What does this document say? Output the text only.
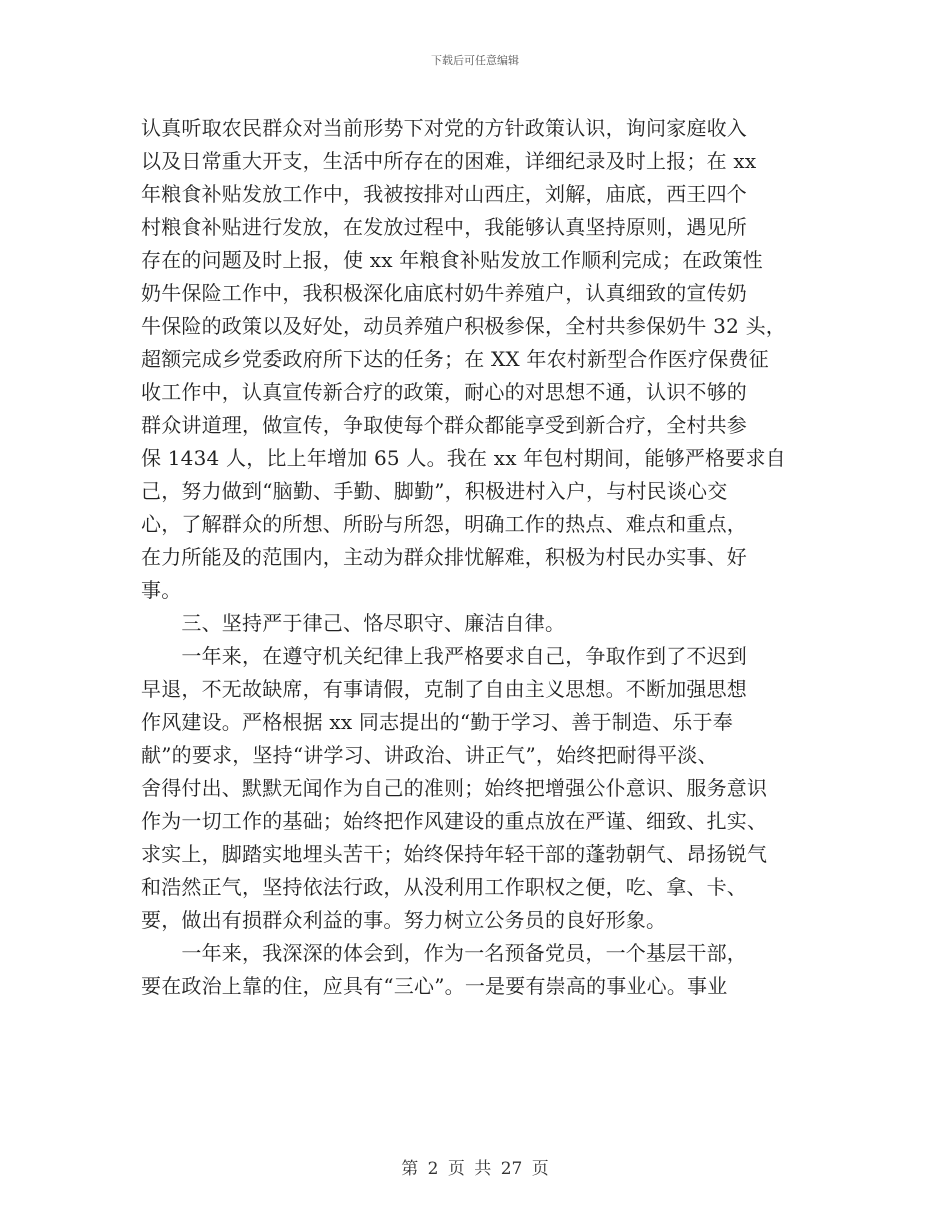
下载后可任意编辑
认真听取农民群众对当前形势下对党的方针政策认识，询问家庭收入
以及日常重大开支，生活中所存在的困难，详细纪录及时上报；在 xx
年粮食补贴发放工作中，我被按排对山西庄，刘解，庙底，西王四个
村粮食补贴进行发放，在发放过程中，我能够认真坚持原则，遇见所
存在的问题及时上报，使 xx 年粮食补贴发放工作顺利完成；在政策性
奶牛保险工作中，我积极深化庙底村奶牛养殖户，认真细致的宣传奶
牛保险的政策以及好处，动员养殖户积极参保，全村共参保奶牛 32 头，
超额完成乡党委政府所下达的任务；在 XX 年农村新型合作医疗保费征
收工作中，认真宣传新合疗的政策，耐心的对思想不通，认识不够的
群众讲道理，做宣传，争取使每个群众都能享受到新合疗，全村共参
保 1434 人，比上年增加 65 人。我在 xx 年包村期间，能够严格要求自
己，努力做到“脑勤、手勤、脚勤”，积极进村入户，与村民谈心交
心，了解群众的所想、所盼与所怨，明确工作的热点、难点和重点，
在力所能及的范围内，主动为群众排忧解难，积极为村民办实事、好
事。
　　三、坚持严于律己、恪尽职守、廉洁自律。
　　一年来，在遵守机关纪律上我严格要求自己，争取作到了不迟到
早退，不无故缺席，有事请假，克制了自由主义思想。不断加强思想
作风建设。严格根据 xx 同志提出的“勤于学习、善于制造、乐于奉
献”的要求，坚持“讲学习、讲政治、讲正气”，始终把耐得平淡、
舍得付出、默默无闻作为自己的准则；始终把增强公仆意识、服务意识
作为一切工作的基础；始终把作风建设的重点放在严谨、细致、扎实、
求实上，脚踏实地埋头苦干；始终保持年轻干部的蓬勃朝气、昂扬锐气
和浩然正气，坚持依法行政，从没利用工作职权之便，吃、拿、卡、
要，做出有损群众利益的事。努力树立公务员的良好形象。
　　一年来，我深深的体会到，作为一名预备党员，一个基层干部，
要在政治上靠的住，应具有“三心”。一是要有崇高的事业心。事业
第 2 页 共 27 页
